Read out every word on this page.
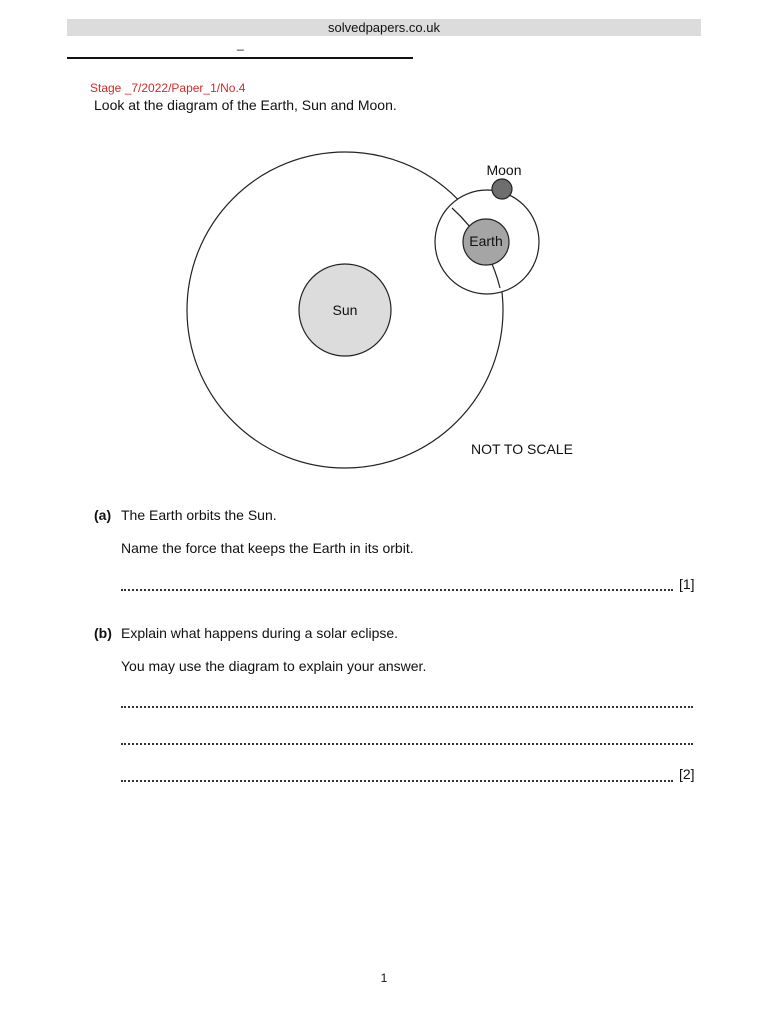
solvedpapers.co.uk
_
Stage _7/2022/Paper_1/No.4
Look at the diagram of the Earth, Sun and Moon.
Sun
Earth
Moon
NOT TO SCALE
(a) The Earth orbits the Sun.
Name the force that keeps the Earth in its orbit.
[1]
(b) Explain what happens during a solar eclipse.
You may use the diagram to explain your answer.
[2]
1
